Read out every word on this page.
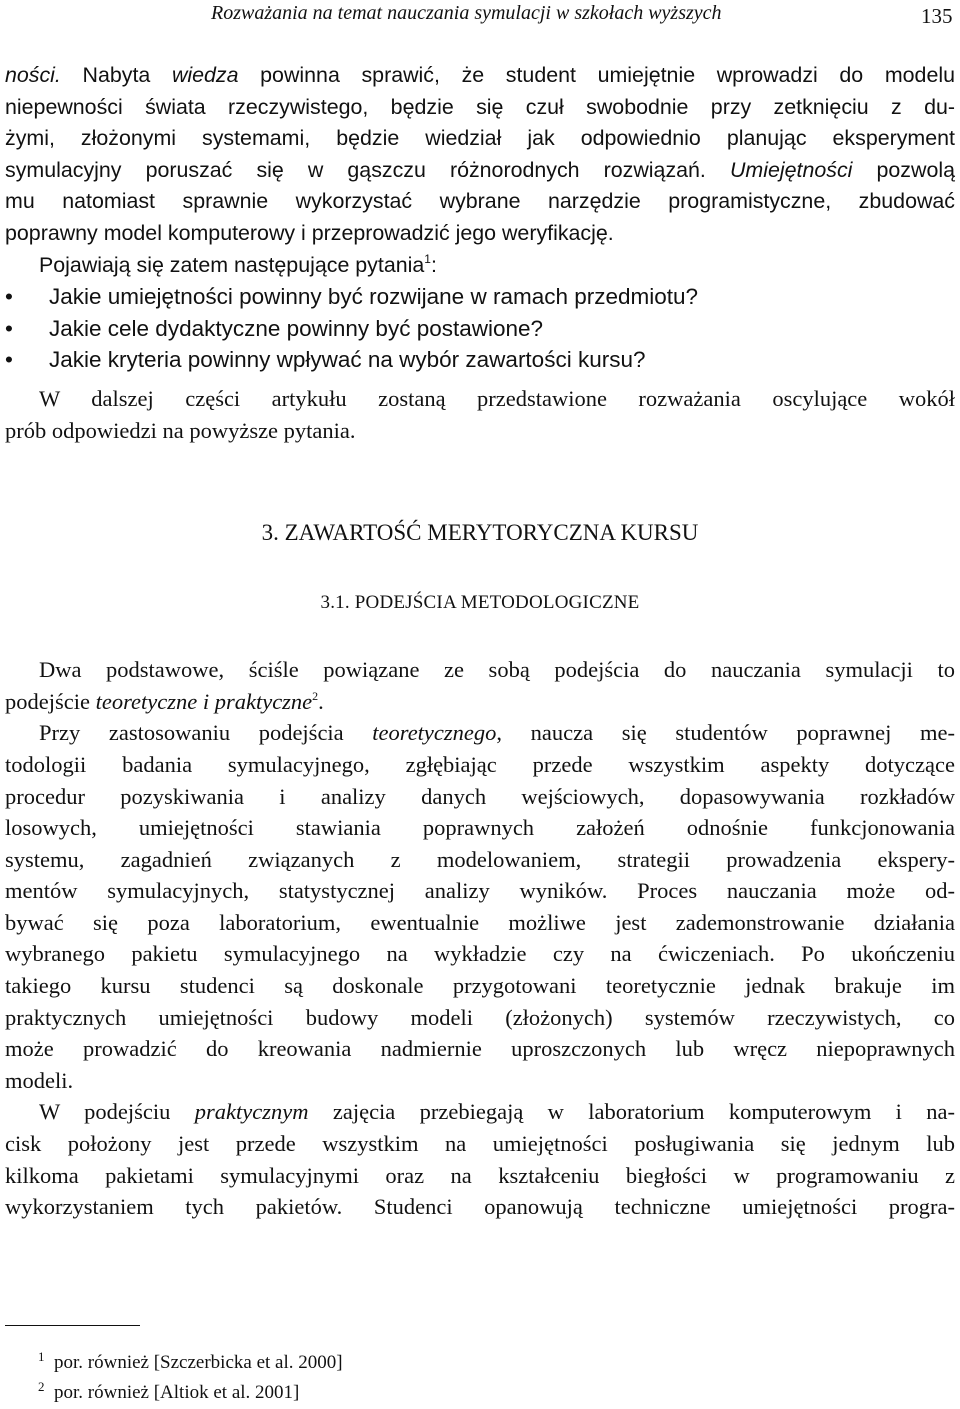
Rozważania na temat nauczania symulacji w szkołach wyższych	135
ności. Nabyta wiedza powinna sprawić, że student umiejętnie wprowadzi do modelu
niepewności świata rzeczywistego, będzie się czuł swobodnie przy zetknięciu z du-
żymi, złożonymi systemami, będzie wiedział jak odpowiednio planując eksperyment
symulacyjny poruszać się w gąszczu różnorodnych rozwiązań. Umiejętności pozwolą
mu natomiast sprawnie wykorzystać wybrane narzędzie programistyczne, zbudować
poprawny model komputerowy i przeprowadzić jego weryfikację.
Pojawiają się zatem następujące pytania$^1$:
• Jakie umiejętności powinny być rozwijane w ramach przedmiotu?
• Jakie cele dydaktyczne powinny być postawione?
• Jakie kryteria powinny wpływać na wybór zawartości kursu?
W dalszej części artykułu zostaną przedstawione rozważania oscylujące wokół
prób odpowiedzi na powyższe pytania.
3. ZAWARTOŚĆ MERYTORYCZNA KURSU
3.1. PODEJŚCIA METODOLOGICZNE
Dwa podstawowe, ściśle powiązane ze sobą podejścia do nauczania symulacji to
podejście teoretyczne i praktyczne$^2$.
Przy zastosowaniu podejścia teoretycznego, naucza się studentów poprawnej me-
todologii badania symulacyjnego, zgłębiając przede wszystkim aspekty dotyczące
procedur pozyskiwania i analizy danych wejściowych, dopasowywania rozkładów
losowych, umiejętności stawiania poprawnych założeń odnośnie funkcjonowania
systemu, zagadnień związanych z modelowaniem, strategii prowadzenia ekspery-
mentów symulacyjnych, statystycznej analizy wyników. Proces nauczania może od-
bywać się poza laboratorium, ewentualnie możliwe jest zademonstrowanie działania
wybranego pakietu symulacyjnego na wykładzie czy na ćwiczeniach. Po ukończeniu
takiego kursu studenci są doskonale przygotowani teoretycznie jednak brakuje im
praktycznych umiejętności budowy modeli (złożonych) systemów rzeczywistych, co
może prowadzić do kreowania nadmiernie uproszczonych lub wręcz niepoprawnych
modeli.
W podejściu praktycznym zajęcia przebiegają w laboratorium komputerowym i na-
cisk położony jest przede wszystkim na umiejętności posługiwania się jednym lub
kilkoma pakietami symulacyjnymi oraz na kształceniu biegłości w programowaniu z
wykorzystaniem tych pakietów. Studenci opanowują techniczne umiejętności progra-
1 por. również [Szczerbicka et al. 2000]
2 por. również [Altiok et al. 2001]
